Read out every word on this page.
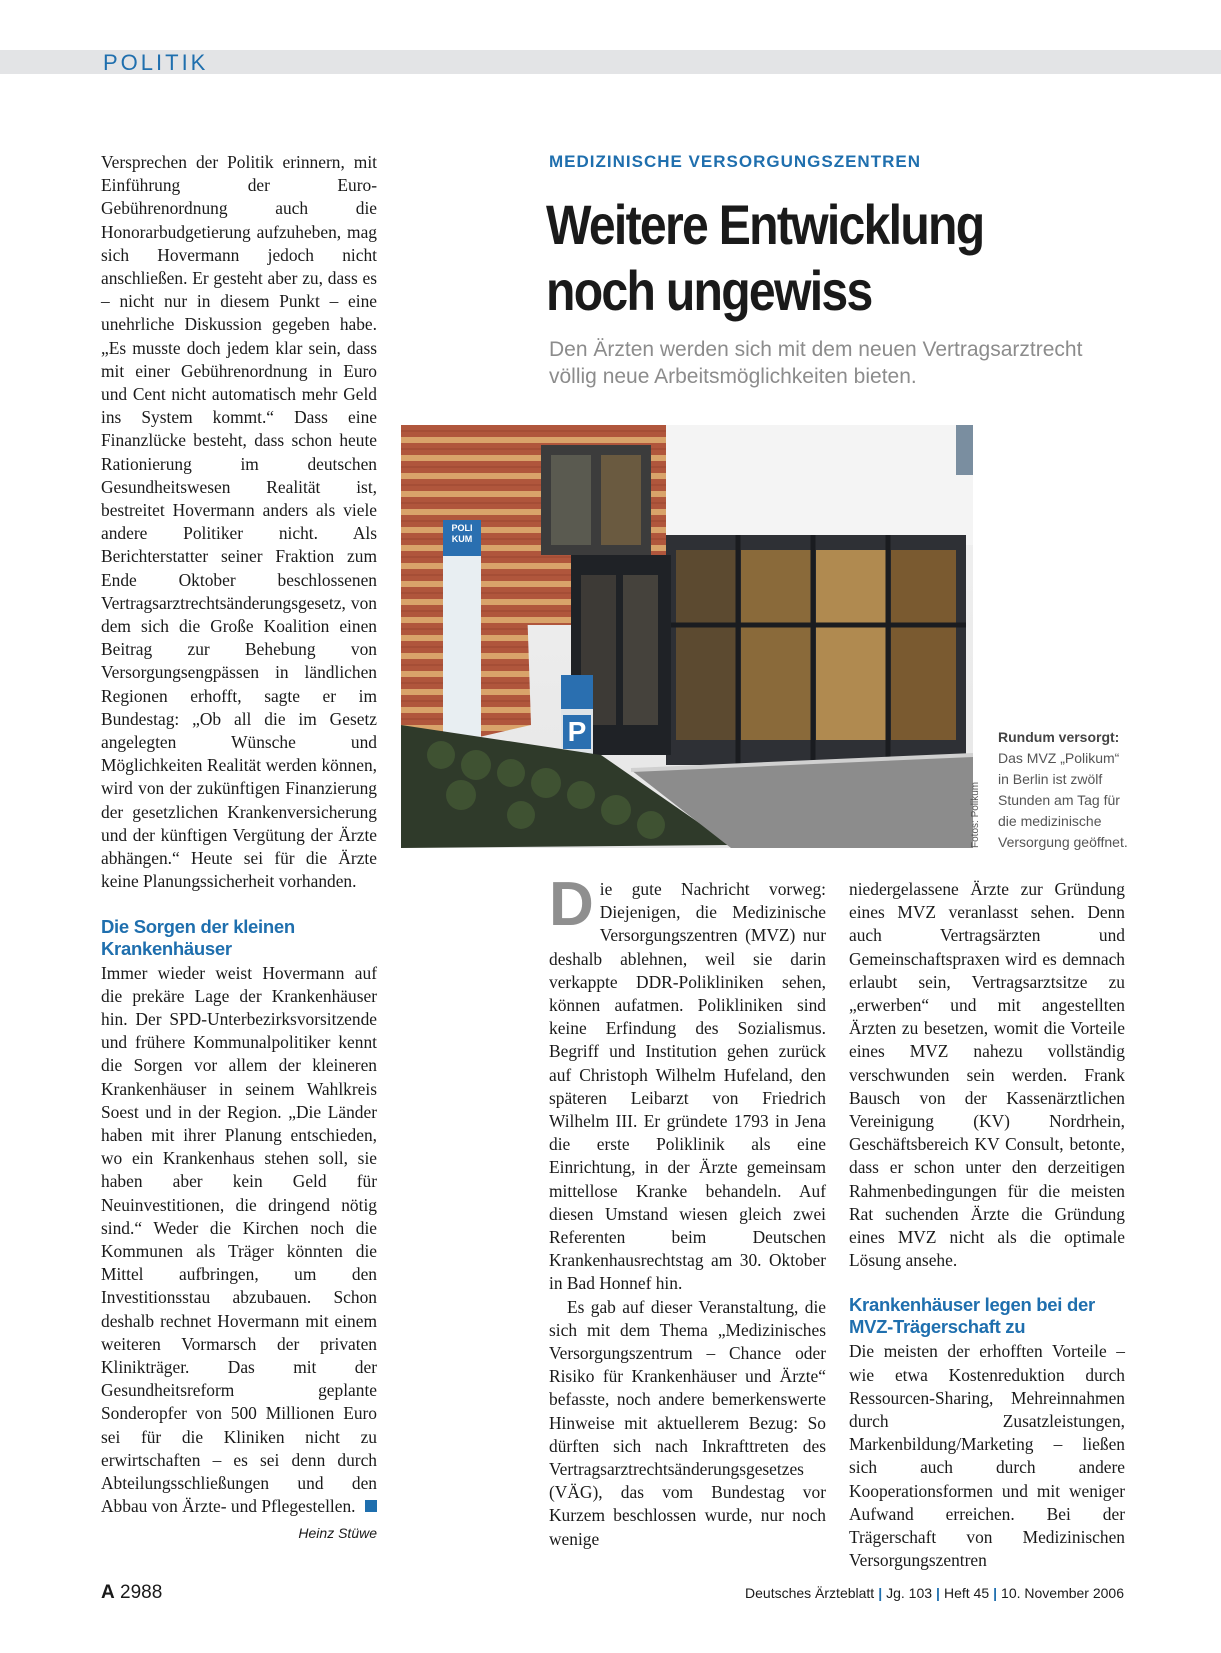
POLITIK

Versprechen der Politik erinnern, mit Einführung der Euro-Gebührenordnung auch die Honorarbudgetierung aufzuheben, mag sich Hovermann jedoch nicht anschließen. Er gesteht aber zu, dass es – nicht nur in diesem Punkt – eine unehrliche Diskussion gegeben habe. „Es musste doch jedem klar sein, dass mit einer Gebührenordnung in Euro und Cent nicht automatisch mehr Geld ins System kommt.“ Dass eine Finanzlücke besteht, dass schon heute Rationierung im deutschen Gesundheitswesen Realität ist, bestreitet Hovermann anders als viele andere Politiker nicht. Als Berichterstatter seiner Fraktion zum Ende Oktober beschlossenen Vertragsarztrechtsänderungsgesetz, von dem sich die Große Koalition einen Beitrag zur Behebung von Versorgungsengpässen in ländlichen Regionen erhofft, sagte er im Bundestag: „Ob all die im Gesetz angelegten Wünsche und Möglichkeiten Realität werden können, wird von der zukünftigen Finanzierung der gesetzlichen Krankenversicherung und der künftigen Vergütung der Ärzte abhängen.“ Heute sei für die Ärzte keine Planungssicherheit vorhanden.

Die Sorgen der kleinen Krankenhäuser

Immer wieder weist Hovermann auf die prekäre Lage der Krankenhäuser hin. Der SPD-Unterbezirksvorsitzende und frühere Kommunalpolitiker kennt die Sorgen vor allem der kleineren Krankenhäuser in seinem Wahlkreis Soest und in der Region. „Die Länder haben mit ihrer Planung entschieden, wo ein Krankenhaus stehen soll, sie haben aber kein Geld für Neuinvestitionen, die dringend nötig sind.“ Weder die Kirchen noch die Kommunen als Träger könnten die Mittel aufbringen, um den Investitionsstau abzubauen. Schon deshalb rechnet Hovermann mit einem weiteren Vormarsch der privaten Klinikträger. Das mit der Gesundheitsreform geplante Sonderopfer von 500 Millionen Euro sei für die Kliniken nicht zu erwirtschaften – es sei denn durch Abteilungsschließungen und den Abbau von Ärzte- und Pflegestellen.

Heinz Stüwe
MEDIZINISCHE VERSORGUNGSZENTREN
Weitere Entwicklung noch ungewiss
Den Ärzten werden sich mit dem neuen Vertragsarztrecht völlig neue Arbeitsmöglichkeiten bieten.
POLI KUM
P
Fotos: Polikum
Rundum versorgt:
Das MVZ „Polikum“ in Berlin ist zwölf Stunden am Tag für die medizinische Versorgung geöffnet.

Die gute Nachricht vorweg: Diejenigen, die Medizinische Versorgungszentren (MVZ) nur deshalb ablehnen, weil sie darin verkappte DDR-Polikliniken sehen, können aufatmen. Polikliniken sind keine Erfindung des Sozialismus. Begriff und Institution gehen zurück auf Christoph Wilhelm Hufeland, den späteren Leibarzt von Friedrich Wilhelm III. Er gründete 1793 in Jena die erste Poliklinik als eine Einrichtung, in der Ärzte gemeinsam mittellose Kranke behandeln. Auf diesen Umstand wiesen gleich zwei Referenten beim Deutschen Krankenhausrechtstag am 30. Oktober in Bad Honnef hin.

Es gab auf dieser Veranstaltung, die sich mit dem Thema „Medizinisches Versorgungszentrum – Chance oder Risiko für Krankenhäuser und Ärzte“ befasste, noch andere bemerkenswerte Hinweise mit aktuellerem Bezug: So dürften sich nach Inkrafttreten des Vertragsarztrechtsänderungsgesetzes (VÄG), das vom Bundestag vor Kurzem beschlossen wurde, nur noch wenige

niedergelassene Ärzte zur Gründung eines MVZ veranlasst sehen. Denn auch Vertragsärzten und Gemeinschaftspraxen wird es demnach erlaubt sein, Vertragsarztsitze zu „erwerben“ und mit angestellten Ärzten zu besetzen, womit die Vorteile eines MVZ nahezu vollständig verschwunden sein werden. Frank Bausch von der Kassenärztlichen Vereinigung (KV) Nordrhein, Geschäftsbereich KV Consult, betonte, dass er schon unter den derzeitigen Rahmenbedingungen für die meisten Rat suchenden Ärzte die Gründung eines MVZ nicht als die optimale Lösung ansehe.

Krankenhäuser legen bei der MVZ-Trägerschaft zu

Die meisten der erhofften Vorteile – wie etwa Kostenreduktion durch Ressourcen-Sharing, Mehreinnahmen durch Zusatzleistungen, Markenbildung/Marketing – ließen sich auch durch andere Kooperationsformen und mit weniger Aufwand erreichen. Bei der Trägerschaft von Medizinischen Versorgungszentren

A 2988	Deutsches Ärzteblatt | Jg. 103 | Heft 45 | 10. November 2006
